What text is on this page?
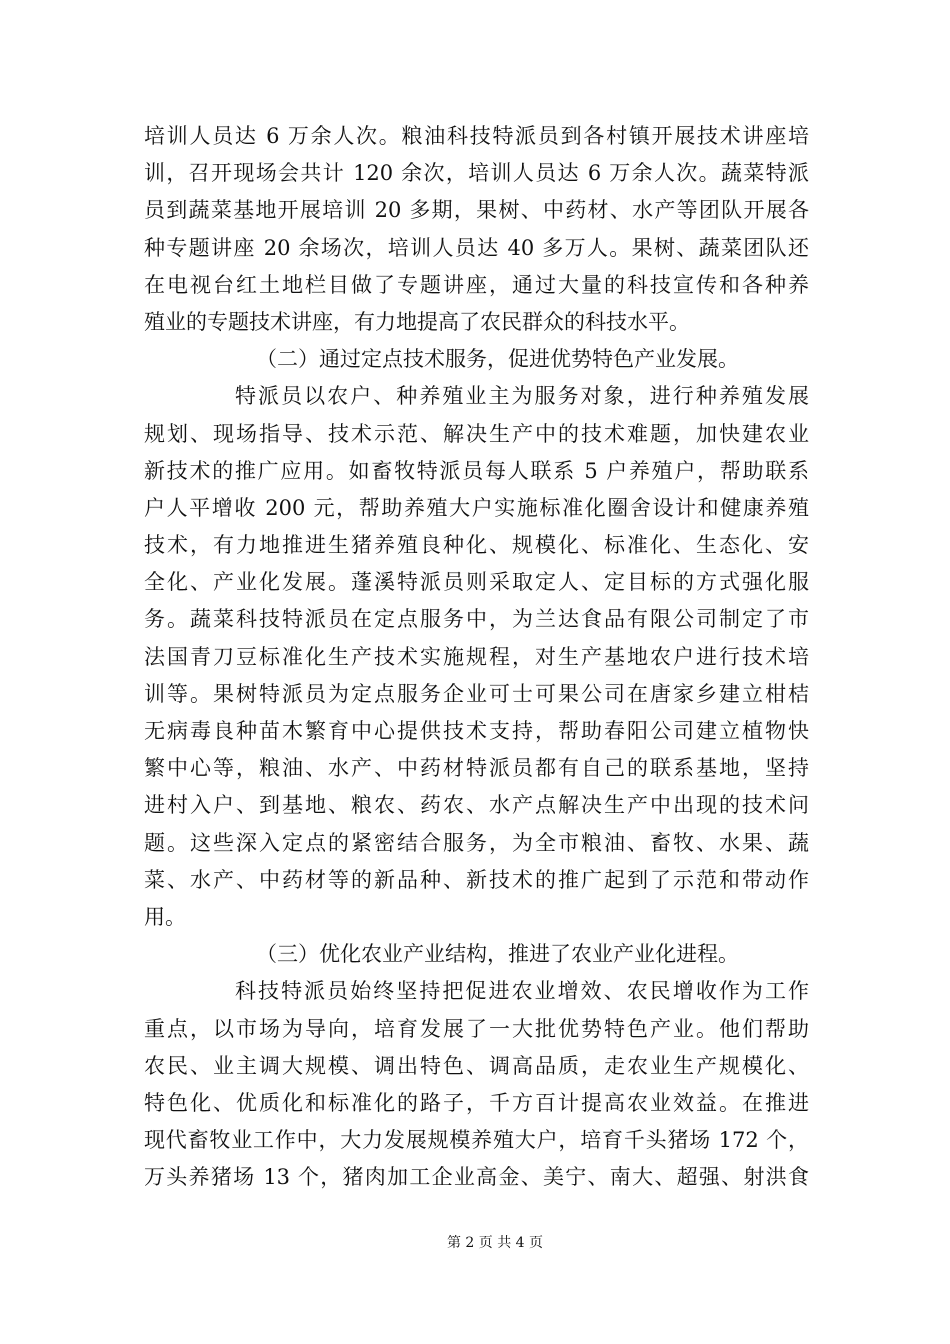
培训人员达 6 万余人次。粮油科技特派员到各村镇开展技术讲座培
训，召开现场会共计 120 余次，培训人员达 6 万余人次。蔬菜特派
员到蔬菜基地开展培训 20 多期，果树、中药材、水产等团队开展各
种专题讲座 20 余场次，培训人员达 40 多万人。果树、蔬菜团队还
在电视台红土地栏目做了专题讲座，通过大量的科技宣传和各种养
殖业的专题技术讲座，有力地提高了农民群众的科技水平。
（二）通过定点技术服务，促进优势特色产业发展。
特派员以农户、种养殖业主为服务对象，进行种养殖发展
规划、现场指导、技术示范、解决生产中的技术难题，加快建农业
新技术的推广应用。如畜牧特派员每人联系 5 户养殖户，帮助联系
户人平增收 200 元，帮助养殖大户实施标准化圈舍设计和健康养殖
技术，有力地推进生猪养殖良种化、规模化、标准化、生态化、安
全化、产业化发展。蓬溪特派员则采取定人、定目标的方式强化服
务。蔬菜科技特派员在定点服务中，为兰达食品有限公司制定了市
法国青刀豆标准化生产技术实施规程，对生产基地农户进行技术培
训等。果树特派员为定点服务企业可士可果公司在唐家乡建立柑桔
无病毒良种苗木繁育中心提供技术支持，帮助春阳公司建立植物快
繁中心等，粮油、水产、中药材特派员都有自己的联系基地，坚持
进村入户、到基地、粮农、药农、水产点解决生产中出现的技术问
题。这些深入定点的紧密结合服务，为全市粮油、畜牧、水果、蔬
菜、水产、中药材等的新品种、新技术的推广起到了示范和带动作
用。
（三）优化农业产业结构，推进了农业产业化进程。
科技特派员始终坚持把促进农业增效、农民增收作为工作
重点，以市场为导向，培育发展了一大批优势特色产业。他们帮助
农民、业主调大规模、调出特色、调高品质，走农业生产规模化、
特色化、优质化和标准化的路子，千方百计提高农业效益。在推进
现代畜牧业工作中，大力发展规模养殖大户，培育千头猪场 172 个，
万头养猪场 13 个，猪肉加工企业高金、美宁、南大、超强、射洪食
第 2 页 共 4 页
